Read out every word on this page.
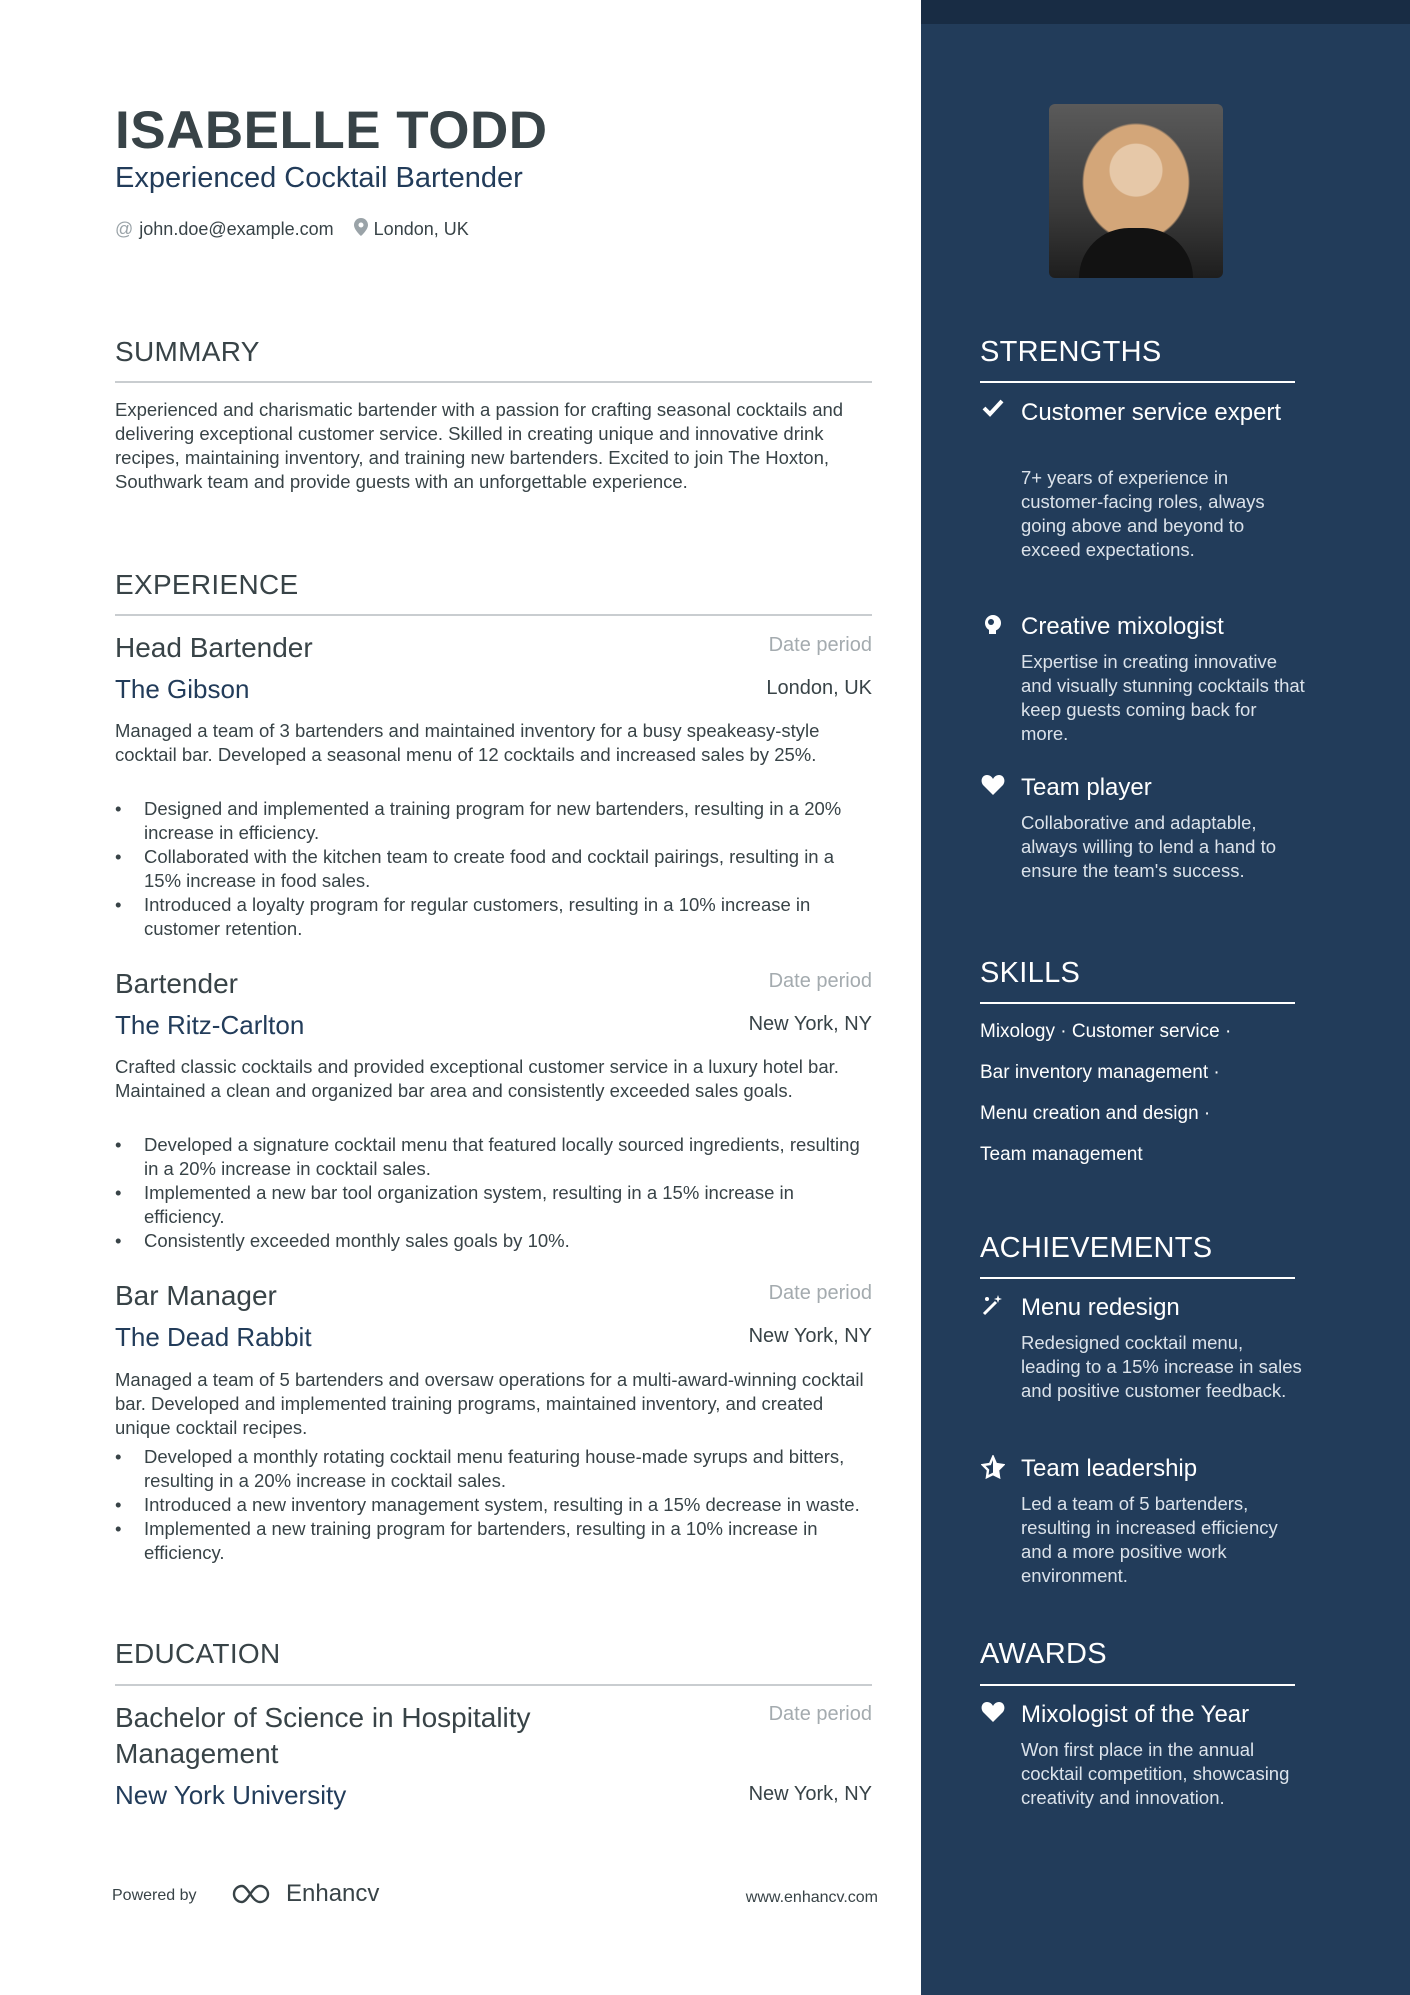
ISABELLE TODD
Experienced Cocktail Bartender
@ john.doe@example.com London, UK
SUMMARY
Experienced and charismatic bartender with a passion for crafting seasonal cocktails and delivering exceptional customer service. Skilled in creating unique and innovative drink recipes, maintaining inventory, and training new bartenders. Excited to join The Hoxton, Southwark team and provide guests with an unforgettable experience.
EXPERIENCE
Head Bartender	Date period
The Gibson	London, UK
Managed a team of 3 bartenders and maintained inventory for a busy speakeasy-style cocktail bar. Developed a seasonal menu of 12 cocktails and increased sales by 25%.
• Designed and implemented a training program for new bartenders, resulting in a 20% increase in efficiency.
• Collaborated with the kitchen team to create food and cocktail pairings, resulting in a 15% increase in food sales.
• Introduced a loyalty program for regular customers, resulting in a 10% increase in customer retention.
Bartender	Date period
The Ritz-Carlton	New York, NY
Crafted classic cocktails and provided exceptional customer service in a luxury hotel bar. Maintained a clean and organized bar area and consistently exceeded sales goals.
• Developed a signature cocktail menu that featured locally sourced ingredients, resulting in a 20% increase in cocktail sales.
• Implemented a new bar tool organization system, resulting in a 15% increase in efficiency.
• Consistently exceeded monthly sales goals by 10%.
Bar Manager	Date period
The Dead Rabbit	New York, NY
Managed a team of 5 bartenders and oversaw operations for a multi-award-winning cocktail bar. Developed and implemented training programs, maintained inventory, and created unique cocktail recipes.
• Developed a monthly rotating cocktail menu featuring house-made syrups and bitters, resulting in a 20% increase in cocktail sales.
• Introduced a new inventory management system, resulting in a 15% decrease in waste.
• Implemented a new training program for bartenders, resulting in a 10% increase in efficiency.
EDUCATION
Bachelor of Science in Hospitality Management
Date period
New York University	New York, NY
Powered by	Enhancv	www.enhancv.com
STRENGTHS
Customer service expert
7+ years of experience in customer-facing roles, always going above and beyond to exceed expectations.
Creative mixologist
Expertise in creating innovative and visually stunning cocktails that keep guests coming back for more.
Team player
Collaborative and adaptable, always willing to lend a hand to ensure the team's success.
SKILLS
Mixology · Customer service ·
Bar inventory management ·
Menu creation and design ·
Team management
ACHIEVEMENTS
Menu redesign
Redesigned cocktail menu, leading to a 15% increase in sales and positive customer feedback.
Team leadership
Led a team of 5 bartenders, resulting in increased efficiency and a more positive work environment.
AWARDS
Mixologist of the Year
Won first place in the annual cocktail competition, showcasing creativity and innovation.
